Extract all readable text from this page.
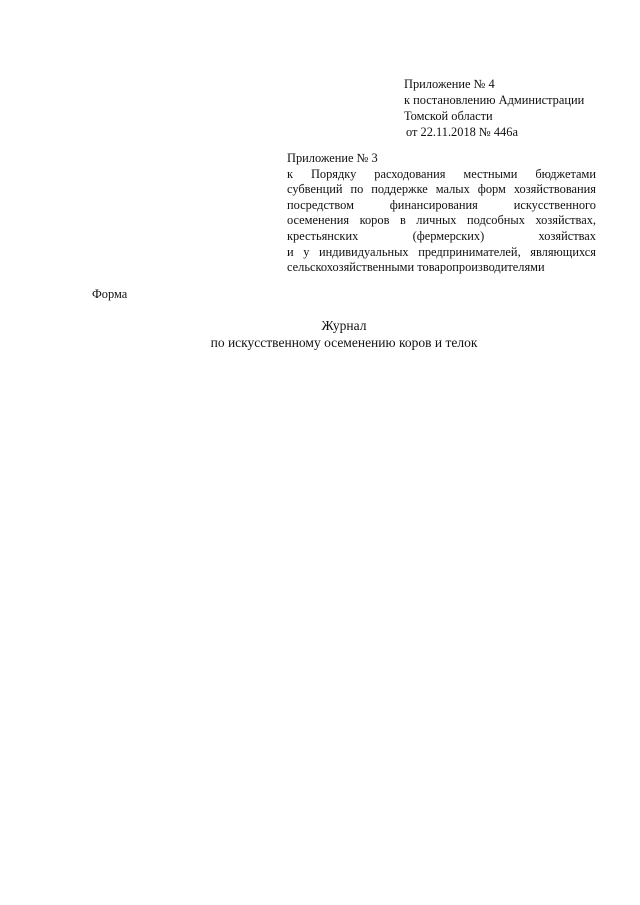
Приложение № 4
к постановлению Администрации
Томской области
от 22.11.2018 № 446а
Приложение № 3
к Порядку расходования местными бюджетами
субвенций по поддержке малых форм хозяйствования
посредством финансирования искусственного
осеменения коров в личных подсобных хозяйствах,
крестьянских (фермерских) хозяйствах
и у индивидуальных предпринимателей, являющихся
сельскохозяйственными товаропроизводителями
Форма
Журнал
по искусственному осеменению коров и телок
